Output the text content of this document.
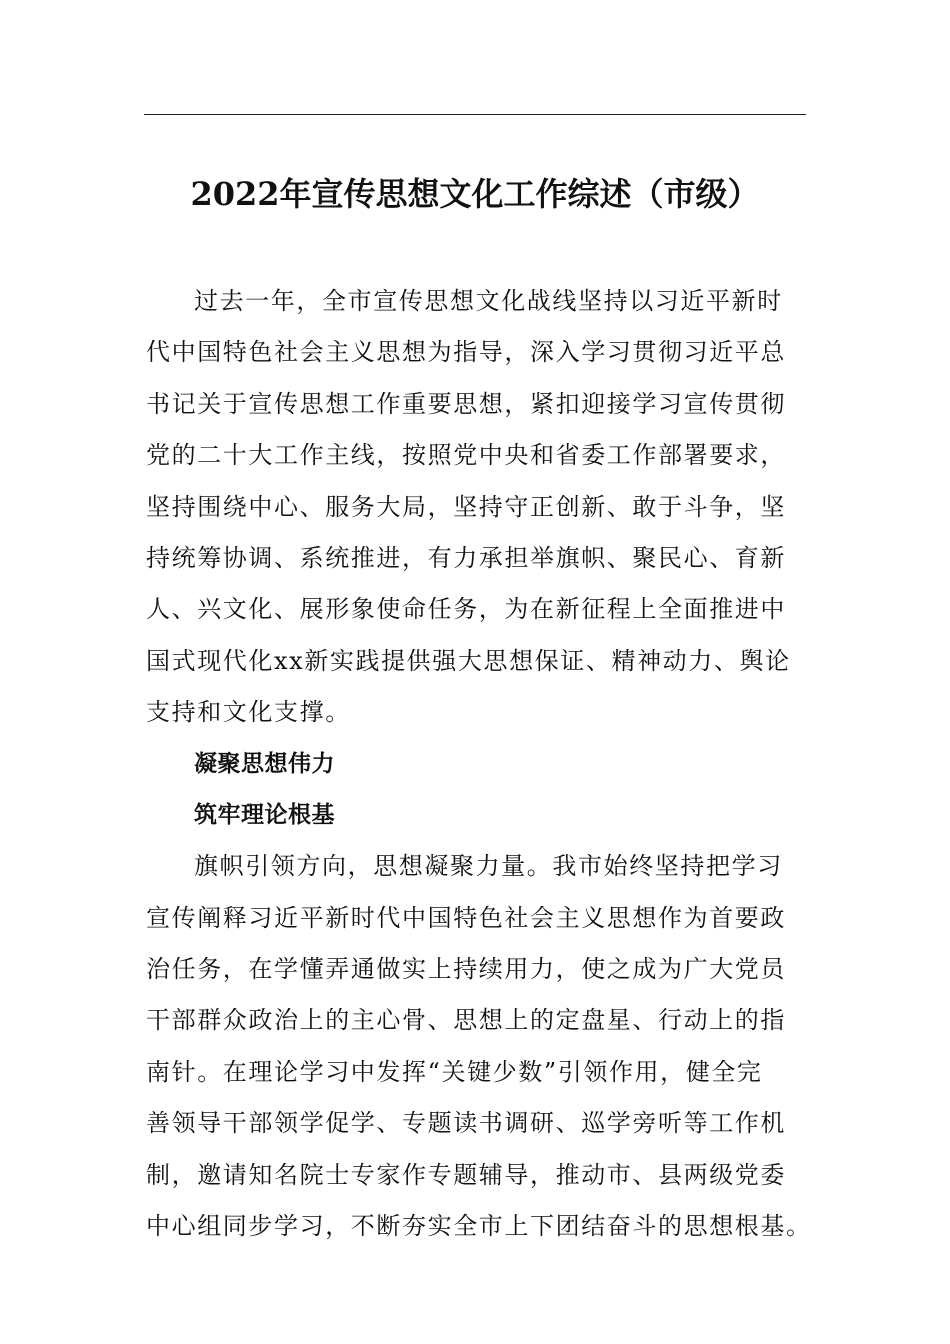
2022年宣传思想文化工作综述（市级）
过去一年，全市宣传思想文化战线坚持以习近平新时
代中国特色社会主义思想为指导，深入学习贯彻习近平总
书记关于宣传思想工作重要思想，紧扣迎接学习宣传贯彻
党的二十大工作主线，按照党中央和省委工作部署要求，
坚持围绕中心、服务大局，坚持守正创新、敢于斗争，坚
持统筹协调、系统推进，有力承担举旗帜、聚民心、育新
人、兴文化、展形象使命任务，为在新征程上全面推进中
国式现代化xx新实践提供强大思想保证、精神动力、舆论
支持和文化支撑。
凝聚思想伟力
筑牢理论根基
旗帜引领方向，思想凝聚力量。我市始终坚持把学习
宣传阐释习近平新时代中国特色社会主义思想作为首要政
治任务，在学懂弄通做实上持续用力，使之成为广大党员
干部群众政治上的主心骨、思想上的定盘星、行动上的指
南针。在理论学习中发挥“关键少数”引领作用，健全完
善领导干部领学促学、专题读书调研、巡学旁听等工作机
制，邀请知名院士专家作专题辅导，推动市、县两级党委
中心组同步学习，不断夯实全市上下团结奋斗的思想根基。
